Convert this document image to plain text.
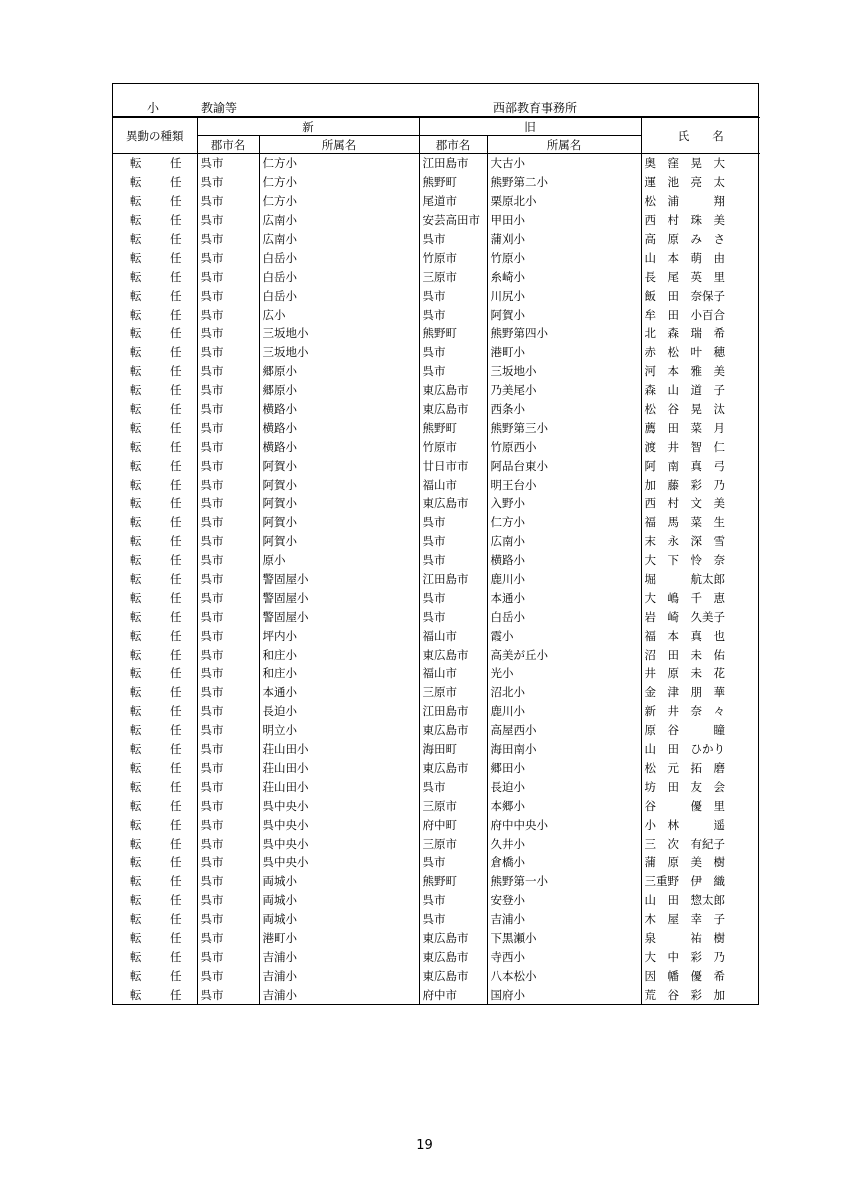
小	教諭等	西部教育事務所
異動の種類	新		旧		氏　　名
	郡市名	所属名	郡市名	所属名	

転 任	呉市	仁方小	江田島市	大古小	奥　窪　晃　大

転 任	呉市	仁方小	熊野町	熊野第二小	運　池　亮　太

転 任	呉市	仁方小	尾道市	栗原北小	松　浦　　　翔

転 任	呉市	広南小	安芸高田市	甲田小	西　村　珠　美

転 任	呉市	広南小	呉市	蒲刈小	高　原　み　さ

転 任	呉市	白岳小	竹原市	竹原小	山　本　萌　由

転 任	呉市	白岳小	三原市	糸崎小	長　尾　英　里

転 任	呉市	白岳小	呉市	川尻小	飯　田　奈保子

転 任	呉市	広小	呉市	阿賀小	牟　田　小百合

転 任	呉市	三坂地小	熊野町	熊野第四小	北　森　瑞　希

転 任	呉市	三坂地小	呉市	港町小	赤　松　叶　穂

転 任	呉市	郷原小	呉市	三坂地小	河　本　雅　美

転 任	呉市	郷原小	東広島市	乃美尾小	森　山　道　子

転 任	呉市	横路小	東広島市	西条小	松　谷　晃　汰

転 任	呉市	横路小	熊野町	熊野第三小	薦　田　菜　月

転 任	呉市	横路小	竹原市	竹原西小	渡　井　智　仁

転 任	呉市	阿賀小	廿日市市	阿品台東小	阿　南　真　弓

転 任	呉市	阿賀小	福山市	明王台小	加　藤　彩　乃

転 任	呉市	阿賀小	東広島市	入野小	西　村　文　美

転 任	呉市	阿賀小	呉市	仁方小	福　馬　菜　生

転 任	呉市	阿賀小	呉市	広南小	末　永　深　雪

転 任	呉市	原小	呉市	横路小	大　下　怜　奈

転 任	呉市	警固屋小	江田島市	鹿川小	堀　　　航太郎

転 任	呉市	警固屋小	呉市	本通小	大　嶋　千　恵

転 任	呉市	警固屋小	呉市	白岳小	岩　崎　久美子

転 任	呉市	坪内小	福山市	霞小	福　本　真　也

転 任	呉市	和庄小	東広島市	高美が丘小	沼　田　未　佑

転 任	呉市	和庄小	福山市	光小	井　原　未　花

転 任	呉市	本通小	三原市	沼北小	金　津　朋　華

転 任	呉市	長迫小	江田島市	鹿川小	新　井　奈　々

転 任	呉市	明立小	東広島市	高屋西小	原　谷　　　瞳

転 任	呉市	荘山田小	海田町	海田南小	山　田　ひかり

転 任	呉市	荘山田小	東広島市	郷田小	松　元　拓　磨

転 任	呉市	荘山田小	呉市	長迫小	坊　田　友　会

転 任	呉市	呉中央小	三原市	本郷小	谷　　　優　里

転 任	呉市	呉中央小	府中町	府中中央小	小　林　　　遥

転 任	呉市	呉中央小	三原市	久井小	三　次　有紀子

転 任	呉市	呉中央小	呉市	倉橋小	蒲　原　美　樹

転 任	呉市	両城小	熊野町	熊野第一小	三重野　伊　織

転 任	呉市	両城小	呉市	安登小	山　田　惣太郎

転 任	呉市	両城小	呉市	吉浦小	木　屋　幸　子

転 任	呉市	港町小	東広島市	下黒瀬小	泉　　　祐　樹

転 任	呉市	吉浦小	東広島市	寺西小	大　中　彩　乃

転 任	呉市	吉浦小	東広島市	八本松小	因　幡　優　希

転 任	呉市	吉浦小	府中市	国府小	荒　谷　彩　加
19
